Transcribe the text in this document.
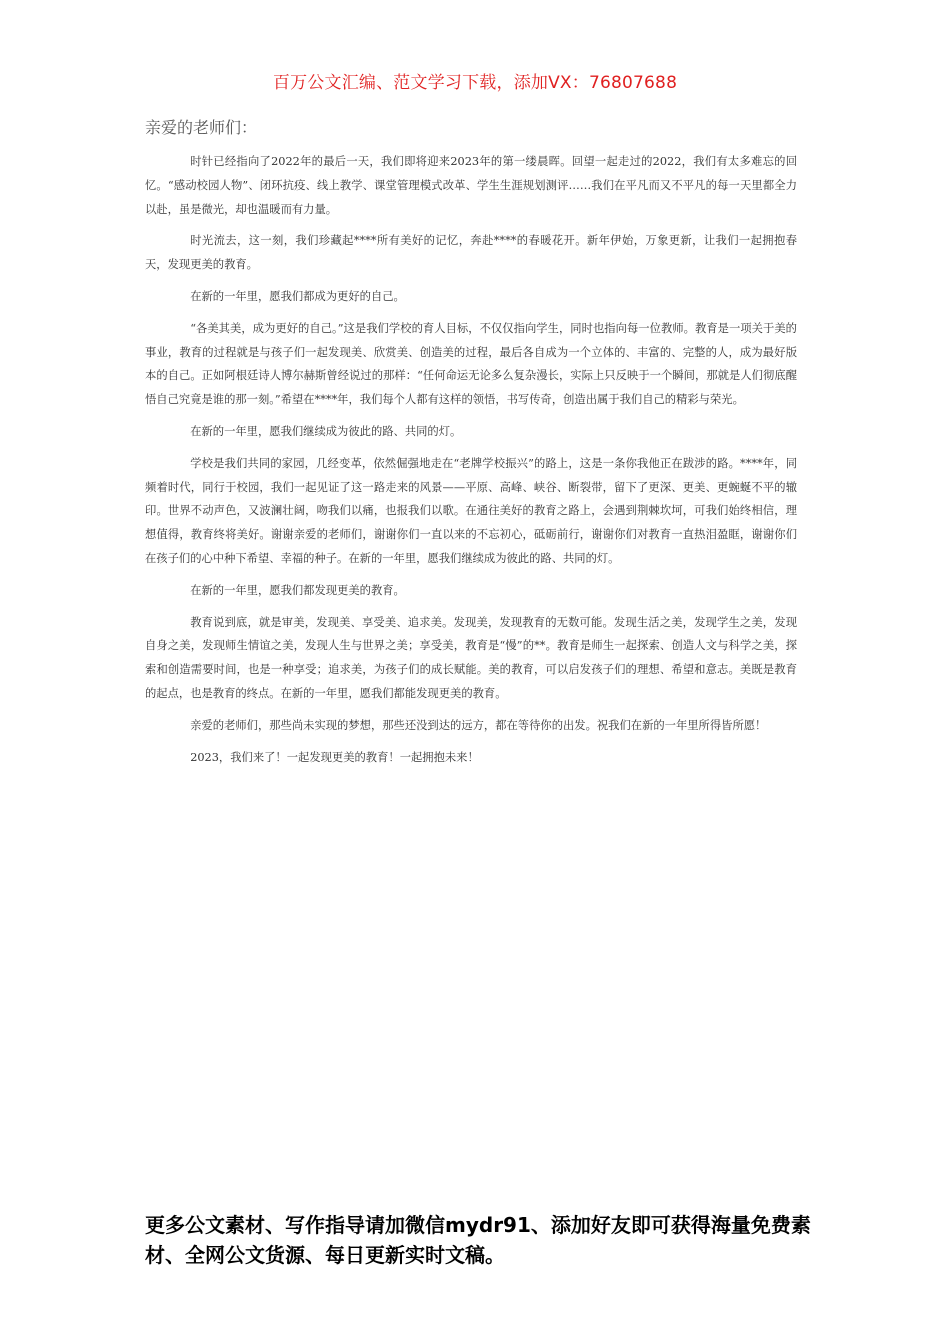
百万公文汇编、范文学习下载，添加VX：76807688
亲爱的老师们：

时针已经指向了2022年的最后一天，我们即将迎来2023年的第一缕晨晖。回望一起走过的2022，我们有太多难忘的回忆。“感动校园人物”、闭环抗疫、线上教学、课堂管理模式改革、学生生涯规划测评……我们在平凡而又不平凡的每一天里都全力以赴，虽是微光，却也温暖而有力量。

时光流去，这一刻，我们珍藏起****所有美好的记忆，奔赴****的春暖花开。新年伊始，万象更新，让我们一起拥抱春天，发现更美的教育。

在新的一年里，愿我们都成为更好的自己。

“各美其美，成为更好的自己。”这是我们学校的育人目标，不仅仅指向学生，同时也指向每一位教师。教育是一项关于美的事业，教育的过程就是与孩子们一起发现美、欣赏美、创造美的过程，最后各自成为一个立体的、丰富的、完整的人，成为最好版本的自己。正如阿根廷诗人博尔赫斯曾经说过的那样：“任何命运无论多么复杂漫长，实际上只反映于一个瞬间，那就是人们彻底醒悟自己究竟是谁的那一刻。”希望在****年，我们每个人都有这样的领悟，书写传奇，创造出属于我们自己的精彩与荣光。

在新的一年里，愿我们继续成为彼此的路、共同的灯。

学校是我们共同的家园，几经变革，依然倔强地走在“老牌学校振兴”的路上，这是一条你我他正在跋涉的路。****年，同频着时代，同行于校园，我们一起见证了这一路走来的风景——平原、高峰、峡谷、断裂带，留下了更深、更美、更蜿蜒不平的辙印。世界不动声色，又波澜壮阔，吻我们以痛，也报我们以歌。在通往美好的教育之路上，会遇到荆棘坎坷，可我们始终相信，理想值得，教育终将美好。谢谢亲爱的老师们，谢谢你们一直以来的不忘初心，砥砺前行，谢谢你们对教育一直热泪盈眶，谢谢你们在孩子们的心中种下希望、幸福的种子。在新的一年里，愿我们继续成为彼此的路、共同的灯。

在新的一年里，愿我们都发现更美的教育。

教育说到底，就是审美，发现美、享受美、追求美。发现美，发现教育的无数可能。发现生活之美，发现学生之美，发现自身之美，发现师生情谊之美，发现人生与世界之美；享受美，教育是“慢”的**。教育是师生一起探索、创造人文与科学之美，探索和创造需要时间，也是一种享受；追求美，为孩子们的成长赋能。美的教育，可以启发孩子们的理想、希望和意志。美既是教育的起点，也是教育的终点。在新的一年里，愿我们都能发现更美的教育。

亲爱的老师们，那些尚未实现的梦想，那些还没到达的远方，都在等待你的出发。祝我们在新的一年里所得皆所愿！

2023，我们来了！一起发现更美的教育！一起拥抱未来！

更多公文素材、写作指导请加微信mydr91、添加好友即可获得海量免费素材、全网公文货源、每日更新实时文稿。
